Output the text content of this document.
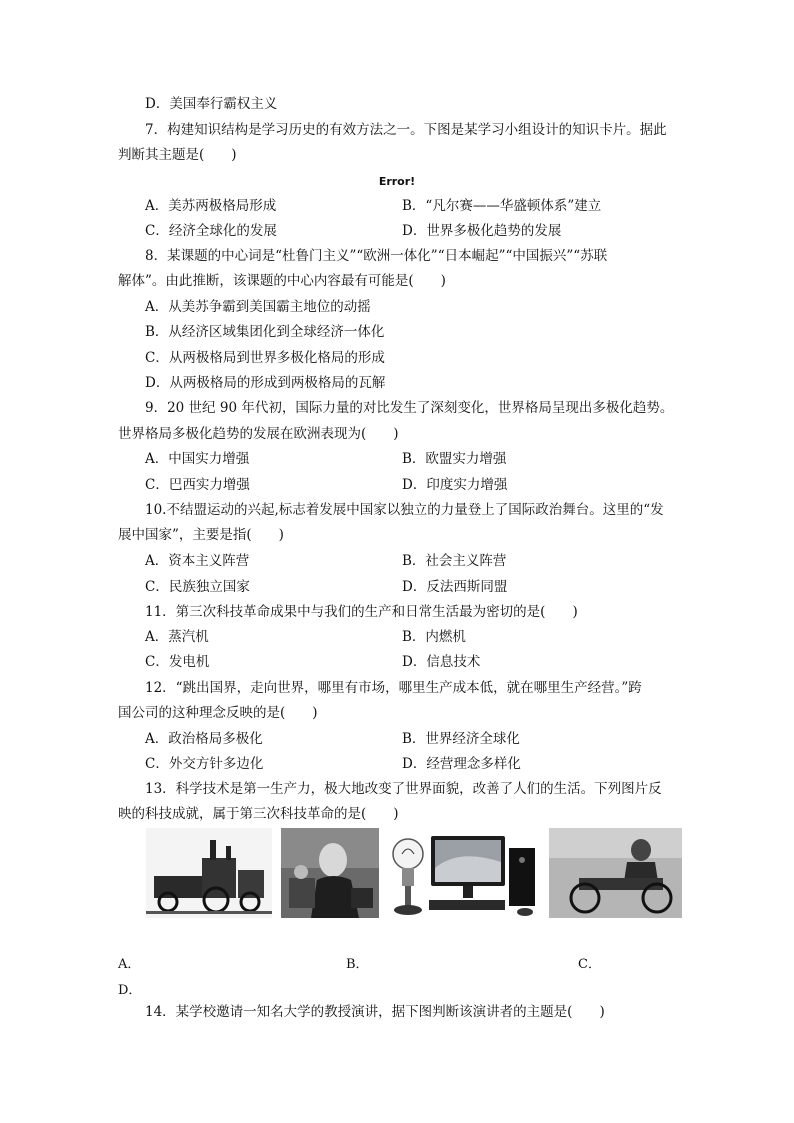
D．美国奉行霸权主义
7．构建知识结构是学习历史的有效方法之一。下图是某学习小组设计的知识卡片。据此
判断其主题是(　　)
Error!
A．美苏两极格局形成	B．“凡尔赛——华盛顿体系”建立
C．经济全球化的发展	D．世界多极化趋势的发展
8．某课题的中心词是“杜鲁门主义”“欧洲一体化”“日本崛起”“中国振兴”“苏联
解体”。由此推断，该课题的中心内容最有可能是(　　)
A．从美苏争霸到美国霸主地位的动摇
B．从经济区域集团化到全球经济一体化
C．从两极格局到世界多极化格局的形成
D．从两极格局的形成到两极格局的瓦解
9．20 世纪 90 年代初，国际力量的对比发生了深刻变化，世界格局呈现出多极化趋势。
世界格局多极化趋势的发展在欧洲表现为(　　)
A．中国实力增强	B．欧盟实力增强
C．巴西实力增强	D．印度实力增强
10.不结盟运动的兴起,标志着发展中国家以独立的力量登上了国际政治舞台。这里的“发
展中国家”，主要是指(　　)
A．资本主义阵营	B．社会主义阵营
C．民族独立国家	D．反法西斯同盟
11．第三次科技革命成果中与我们的生产和日常生活最为密切的是(　　)
A．蒸汽机	B．内燃机
C．发电机	D．信息技术
12．“跳出国界，走向世界，哪里有市场，哪里生产成本低，就在哪里生产经营。”跨
国公司的这种理念反映的是(　　)
A．政治格局多极化	B．世界经济全球化
C．外交方针多边化	D．经营理念多样化
13．科学技术是第一生产力，极大地改变了世界面貌，改善了人们的生活。下列图片反
映的科技成就，属于第三次科技革命的是(　　)
A．	B．	C．
D．
14．某学校邀请一知名大学的教授演讲，据下图判断该演讲者的主题是(　　)
